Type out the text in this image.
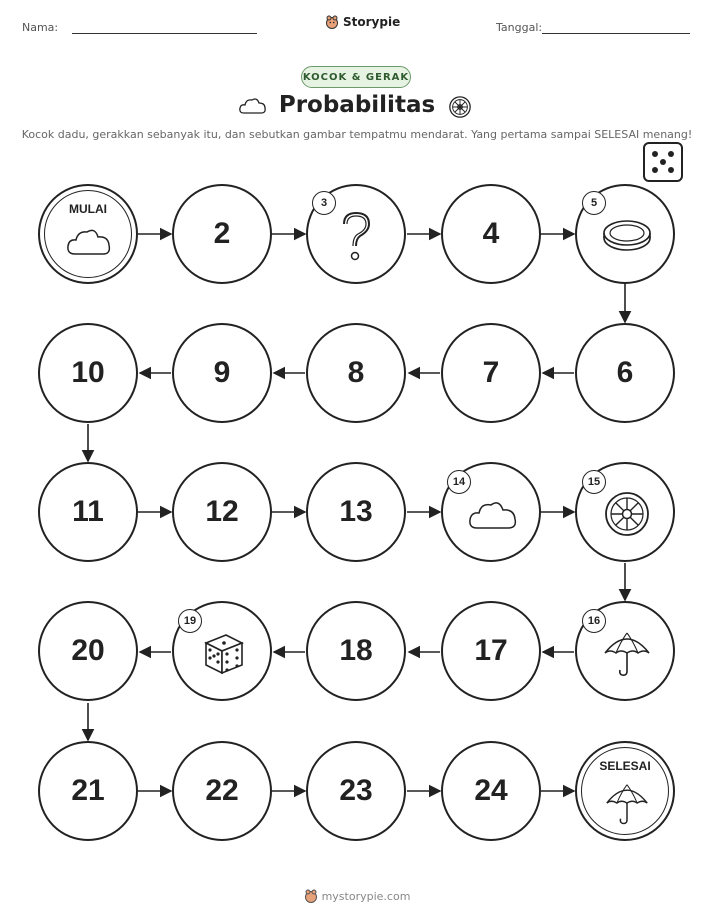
Nama:	Storypie	Tanggal:
KOCOK & GERAK
Probabilitas
Kocok dadu, gerakkan sebanyak itu, dan sebutkan gambar tempatmu mendarat. Yang pertama sampai SELESAI menang!
MULAI
2
3
4
5
10	9	8	7	6
11	12	13
14	15
20
19
18	17
16
21	22	23	24
SELESAI
mystorypie.com
